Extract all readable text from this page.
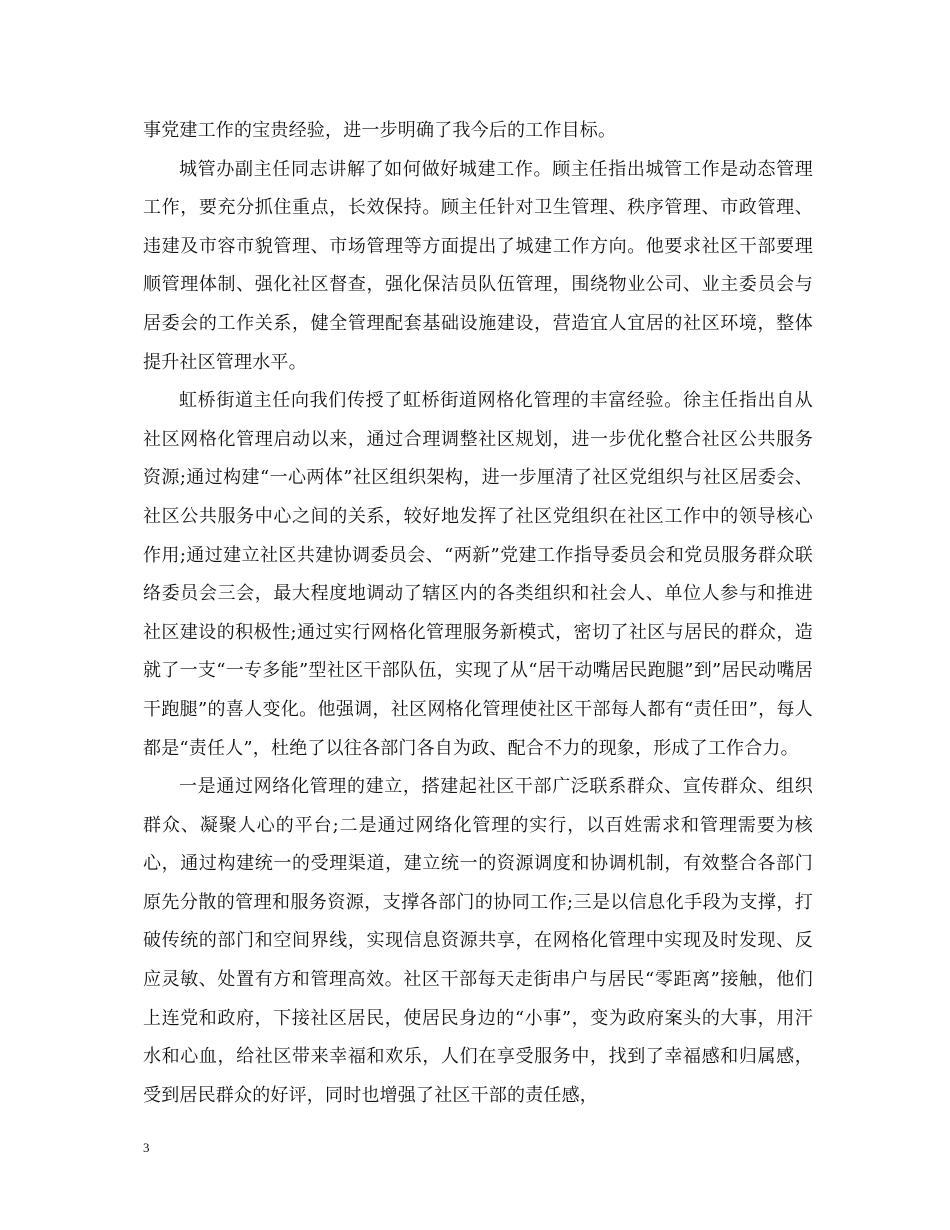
事党建工作的宝贵经验，进一步明确了我今后的工作目标。

城管办副主任同志讲解了如何做好城建工作。顾主任指出城管工作是动态管理工作，要充分抓住重点，长效保持。顾主任针对卫生管理、秩序管理、市政管理、违建及市容市貌管理、市场管理等方面提出了城建工作方向。他要求社区干部要理顺管理体制、强化社区督查，强化保洁员队伍管理，围绕物业公司、业主委员会与居委会的工作关系，健全管理配套基础设施建设，营造宜人宜居的社区环境，整体提升社区管理水平。

虹桥街道主任向我们传授了虹桥街道网格化管理的丰富经验。徐主任指出自从社区网格化管理启动以来，通过合理调整社区规划，进一步优化整合社区公共服务资源;通过构建“一心两体”社区组织架构，进一步厘清了社区党组织与社区居委会、社区公共服务中心之间的关系，较好地发挥了社区党组织在社区工作中的领导核心作用;通过建立社区共建协调委员会、“两新”党建工作指导委员会和党员服务群众联络委员会三会，最大程度地调动了辖区内的各类组织和社会人、单位人参与和推进社区建设的积极性;通过实行网格化管理服务新模式，密切了社区与居民的群众，造就了一支“一专多能”型社区干部队伍，实现了从“居干动嘴居民跑腿”到”居民动嘴居干跑腿”的喜人变化。他强调，社区网格化管理使社区干部每人都有“责任田”，每人都是“责任人”，杜绝了以往各部门各自为政、配合不力的现象，形成了工作合力。

一是通过网络化管理的建立，搭建起社区干部广泛联系群众、宣传群众、组织群众、凝聚人心的平台;二是通过网络化管理的实行，以百姓需求和管理需要为核心，通过构建统一的受理渠道，建立统一的资源调度和协调机制，有效整合各部门原先分散的管理和服务资源，支撑各部门的协同工作;三是以信息化手段为支撑，打破传统的部门和空间界线，实现信息资源共享，在网格化管理中实现及时发现、反应灵敏、处置有方和管理高效。社区干部每天走街串户与居民“零距离”接触，他们上连党和政府，下接社区居民，使居民身边的“小事”，变为政府案头的大事，用汗水和心血，给社区带来幸福和欢乐，人们在享受服务中，找到了幸福感和归属感，受到居民群众的好评，同时也增强了社区干部的责任感，

3
